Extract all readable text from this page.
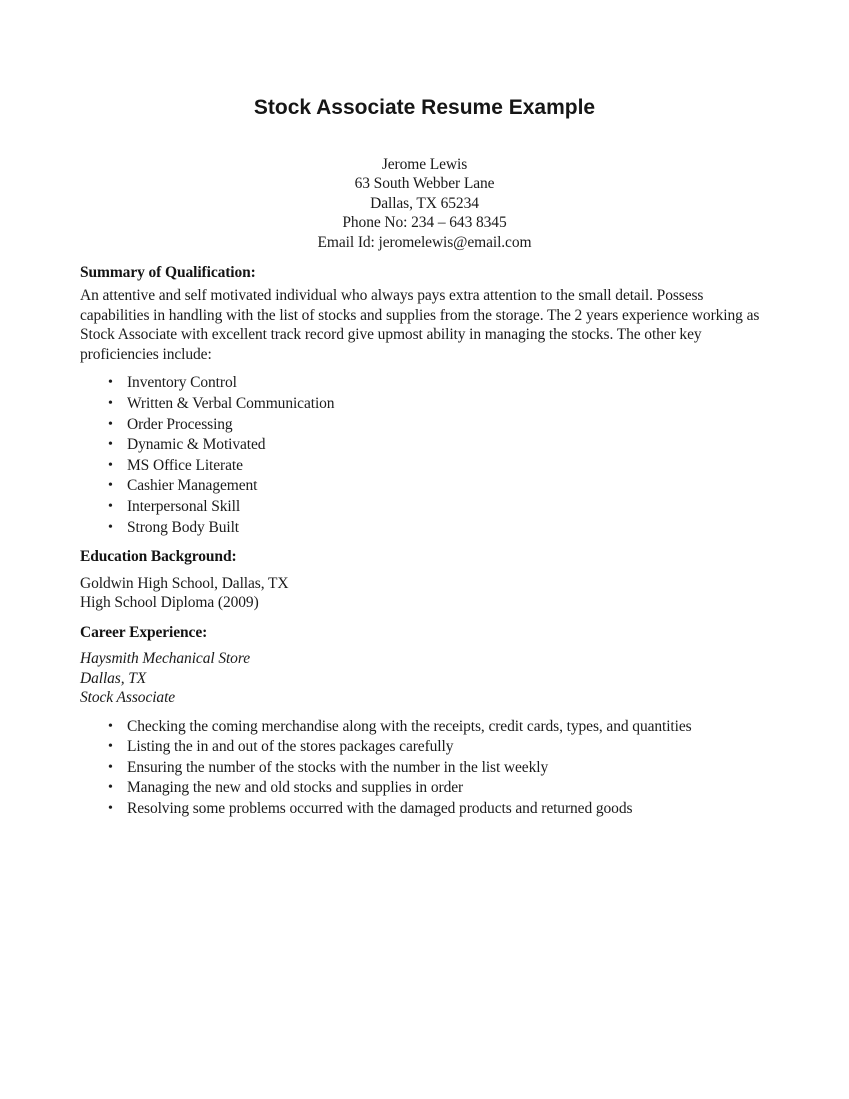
Stock Associate Resume Example
Jerome Lewis
63 South Webber Lane
Dallas, TX 65234
Phone No: 234 – 643 8345
Email Id: jeromelewis@email.com
Summary of Qualification:
An attentive and self motivated individual who always pays extra attention to the small detail. Possess capabilities in handling with the list of stocks and supplies from the storage. The 2 years experience working as Stock Associate with excellent track record give upmost ability in managing the stocks. The other key proficiencies include:
• Inventory Control
• Written & Verbal Communication
• Order Processing
• Dynamic & Motivated
• MS Office Literate
• Cashier Management
• Interpersonal Skill
• Strong Body Built
Education Background:
Goldwin High School, Dallas, TX
High School Diploma (2009)
Career Experience:
Haysmith Mechanical Store
Dallas, TX
Stock Associate
• Checking the coming merchandise along with the receipts, credit cards, types, and quantities
• Listing the in and out of the stores packages carefully
• Ensuring the number of the stocks with the number in the list weekly
• Managing the new and old stocks and supplies in order
• Resolving some problems occurred with the damaged products and returned goods
